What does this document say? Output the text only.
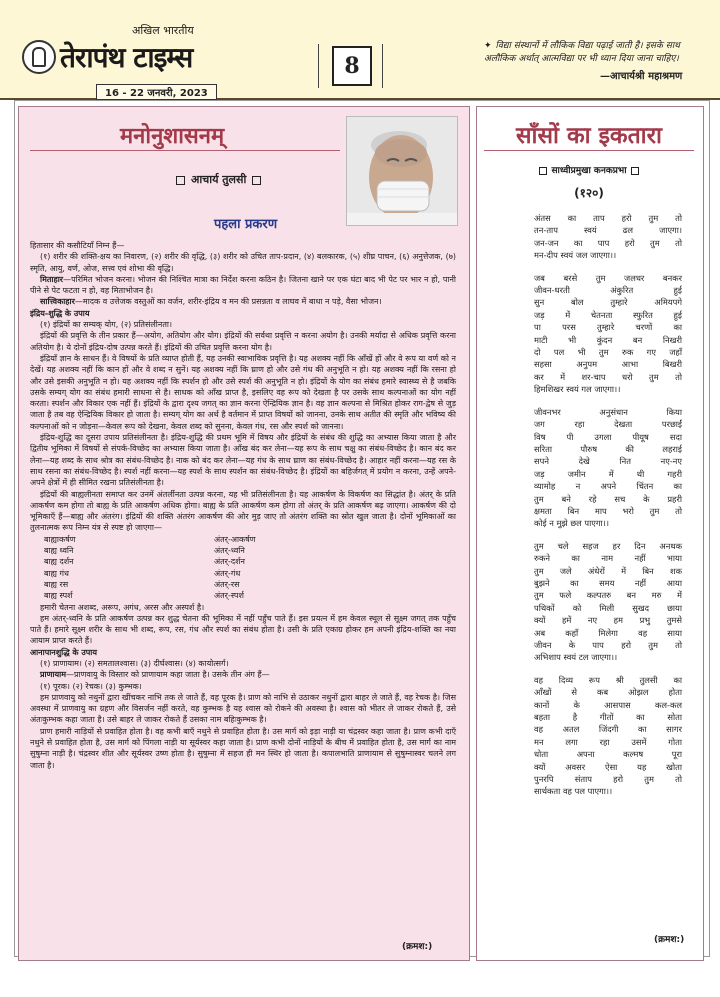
अखिल भारतीय
तेरापंथ टाइम्स
16 - 22 जनवरी, 2023
8
✦ विद्या संस्थानों में लौकिक विद्या पढ़ाई जाती है। इसके साथ अलौकिक अर्थात् आत्मविद्या पर भी ध्यान दिया जाना चाहिए।
—आचार्यश्री महाश्रमण
मनोनुशासनम्
आचार्य तुलसी
पहला प्रकरण

हितासार की कसौटियाँ निम्न हैं—

(१) शरीर की शक्ति-क्षय का निवारण, (२) शरीर की वृद्धि, (३) शरीर को उचित ताप-प्रदान, (४) बलकारक, (५) शीघ्र पाचन, (६) अनुत्तेजक, (७) स्मृति, आयु, वर्ण, ओज, सत्त्व एवं शोभा की वृद्धि।

मिताहार—परिमित भोजन करना। भोजन की निश्चित मात्रा का निर्देश करना कठिन है। जितना खाने पर एक घंटा बाद भी पेट पर भार न हो, पानी पीने से पेट फटता न हो, वह मिताभोजन है।

सात्त्विकाहार—मादक व उत्तेजक वस्तुओं का वर्जन, शरीर-इंद्रिय व मन की प्रसन्नता व लाघव में बाधा न पड़े, वैसा भोजन।

इंद्रिय-शुद्धि के उपाय

(१) इंद्रियों का सम्यक् योग, (२) प्रतिसंलीनता।

इंद्रियों की प्रवृत्ति के तीन प्रकार हैं—अयोग, अतियोग और योग। इंद्रियों की सर्वथा प्रवृत्ति न करना अयोग है। उनकी मर्यादा से अधिक प्रवृत्ति करना अतियोग है। ये दोनों इंद्रिय-दोष उत्पन्न करते हैं। इंद्रियों की उचित प्रवृत्ति करना योग है।

इंद्रियाँ ज्ञान के साधन हैं। वे विषयों के प्रति व्याप्त होती हैं, यह उनकी स्वाभाविक प्रवृत्ति है। यह अशक्य नहीं कि आँखें हों और वे रूप या वर्ण को न देखें। यह अशक्य नहीं कि कान हों और वे शब्द न सुनें। यह अशक्य नहीं कि घ्राण हो और उसे गंध की अनुभूति न हो। यह अशक्य नहीं कि रसना हो और उसे इसकी अनुभूति न हो। यह अशक्य नहीं कि स्पर्शन हो और उसे स्पर्श की अनुभूति न हो। इंद्रियों के योग का संबंध हमारे स्वास्थ्य से है जबकि उसके सम्यग् योग का संबंध हमारी साधना से है। साधक को आँख प्राप्त है, इसलिए वह रूप को देखता है पर उसके साथ कल्पनाओं का योग नहीं करता। स्पर्शन और विकार एक नहीं हैं। इंद्रियों के द्वारा दृश्य जगत् का ज्ञान करना ऐन्द्रियिक ज्ञान है। वह ज्ञान कल्पना से मिश्रित होकर राग-द्वेष से जुड़ जाता है तब वह ऐन्द्रियिक विकार हो जाता है। सम्यग् योग का अर्थ है वर्तमान में प्राप्त विषयों को जानना, उनके साथ अतीत की स्मृति और भविष्य की कल्पनाओं को न जोड़ना—केवल रूप को देखना, केवल शब्द को सुनना, केवल गंध, रस और स्पर्श को जानना।

इंद्रिय-शुद्धि का दूसरा उपाय प्रतिसंलीनता है। इंद्रिय-शुद्धि की प्रथम भूमि में विषय और इंद्रियों के संबंध की शुद्धि का अभ्यास किया जाता है और द्वितीय भूमिका में विषयों से संपर्क-विच्छेद का अभ्यास किया जाता है। आँख बंद कर लेना—यह रूप के साथ चक्षु का संबंध-विच्छेद है। कान बंद कर लेना—यह शब्द के साथ श्रोत्र का संबंध-विच्छेद है। नाक को बंद कर लेना—यह गंध के साथ घ्राण का संबंध-विच्छेद है। आहार नहीं करना—यह रस के साथ रसना का संबंध-विच्छेद है। स्पर्श नहीं करना—यह स्पर्श के साथ स्पर्शन का संबंध-विच्छेद है। इंद्रियों का बहिर्जगत् में प्रयोग न करना, उन्हें अपने-अपने क्षेत्रों में ही सीमित रखना प्रतिसंलीनता है।

इंद्रियों की बाह्यलीनता समाप्त कर उनमें अंतर्लीनता उत्पन्न करना, यह भी प्रतिसंलीनता है। यह आकर्षण के विकर्षण का सिद्धांत है। अंतर् के प्रति आकर्षण कम होगा तो बाह्य के प्रति आकर्षण अधिक होगा। बाह्य के प्रति आकर्षण कम होगा तो अंतर् के प्रति आकर्षण बढ़ जाएगा। आकर्षण की दो भूमिकाएँ हैं—बाह्य और अंतरंग। इंद्रियों की शक्ति अंतरंग आकर्षण की ओर मुड़ जाए तो अंतरंग शक्ति का स्रोत खुल जाता है। दोनों भूमिकाओं का तुलनात्मक रूप निम्न यंत्र से स्पष्ट हो जाएगा—

बाह्याकर्षण	अंतर्-आकर्षण
बाह्य ध्वनि	अंतर्-ध्वनि
बाह्य दर्शन	अंतर्-दर्शन
बाह्य गंध	अंतर्-गंध
बाह्य रस	अंतर्-रस
बाह्य स्पर्श	अंतर्-स्पर्श

हमारी चेतना अशब्द, अरूप, अगंध, अरस और अस्पर्श है।

हम अंतर्-ध्वनि के प्रति आकर्षण उत्पन्न कर शुद्ध चेतना की भूमिका में नहीं पहुँच पाते हैं। इस प्रयत्न में हम केवल स्थूल से सूक्ष्म जगत् तक पहुँच पाते हैं। हमारे सूक्ष्म शरीर के साथ भी शब्द, रूप, रस, गंध और स्पर्श का संबंध होता है। उसी के प्रति एकाग्र होकर हम अपनी इंद्रिय-शक्ति का नया आयाम प्राप्त करते हैं।

आनापानशुद्धि के उपाय

(१) प्राणायाम। (२) समतालश्वास। (३) दीर्घश्वास। (४) कायोत्सर्ग।

प्राणायाम—प्राणवायु के विस्तार को प्राणायाम कहा जाता है। उसके तीन अंग हैं—

(१) पूरक। (२) रेचक। (३) कुम्भक।

हम प्राणवायु को नथुनों द्वारा खींचकर नाभि तक ले जाते हैं, वह पूरक है। प्राण को नाभि से उठाकर नथुनों द्वारा बाहर ले जाते हैं, वह रेचक है। जिस अवस्था में प्राणवायु का ग्रहण और विसर्जन नहीं करते, वह कुम्भक है यह श्वास को रोकने की अवस्था है। श्वास को भीतर ले जाकर रोकते हैं, उसे अंतःकुम्भक कहा जाता है। उसे बाहर ले जाकर रोकते हैं उसका नाम बहिःकुम्भक है।

प्राण हमारी नाड़ियों से प्रवाहित होता है। वह कभी बाएँ नथुने से प्रवाहित होता है। उस मार्ग को इड़ा नाड़ी या चंद्रस्वर कहा जाता है। प्राण कभी दाएँ नथुने से प्रवाहित होता है, उस मार्ग को पिंगला नाड़ी या सूर्यस्वर कहा जाता है। प्राण कभी दोनों नाड़ियों के बीच में प्रवाहित होता है, उस मार्ग का नाम सुषुम्ना नाड़ी है। चंद्रस्वर शीत और सूर्यस्वर उष्ण होता है। सुषुम्ना में सहज ही मन स्थिर हो जाता है। कपालभाति प्राणायाम से सुषुम्नास्वर चलने लग जाता है।

(क्रमश:)
साँसों का इकतारा
साध्वीप्रमुखा कनकप्रभा
(१२०)

अंतस का ताप हरो तुम तो

तन-ताप स्वयं ढल जाएगा।

जन-जन का पाप हरो तुम तो

मन-दीप स्वयं जल जाएगा।।

जब बरसे तुम जलधर बनकर

जीवन-धरती अंकुरित हुई

सुन बोल तुम्हारे अमियपगे

जड़ में चेतनता स्फुरित हुई

पा परस तुम्हारे चरणों का

माटी भी कुंदन बन निखरी

दो पल भी तुम रुक गए जहाँ

सहसा अनुपम आभा बिखरी

कर में शर-चाप धरो तुम तो

हिमशिखर स्वयं गल जाएगा।।

जीवनभर अनुसंधान किया

जग रहा देखता परछाईं

विष पी उगला पीयूष सदा

सरिता पौरुष की लहराई

सपने देखे नित नए-नए

जड़ जमीन में थी गहरी

व्यामोह न अपने चिंतन का

तुम बने रहे सच के प्रहरी

क्षमता बिन माप भरो तुम तो

कोई न मुझे छल पाएगा।।

तुम चले सहज हर दिन अनथक

रुकने का नाम नहीं भाया

तुम जले अंधेरों में बिन शक

बुझने का समय नहीं आया

तुम फले कल्पतरु बन मरु में

पथिकों को मिली सुखद छाया

क्यों हमें नए हम प्रभु तुमसे

अब कहाँ मिलेगा वह साया

जीवन के पाप हरो तुम तो

अभिशाप स्वयं टल जाएगा।।

वह दिव्य रूप श्री तुलसी का

आँखों से कब ओझल होता

कानों के आसपास कल-कल

बहता है गीतों का सोता

वह अतल जिंदगी का सागर

मन लगा रहा उसमें गोता

धोता अपना कल्मष पूरा

क्यों अवसर ऐसा यह खोता

पुनरपि संताप हरो तुम तो

सार्थकता वह पल पाएगा।।

(क्रमश:)
